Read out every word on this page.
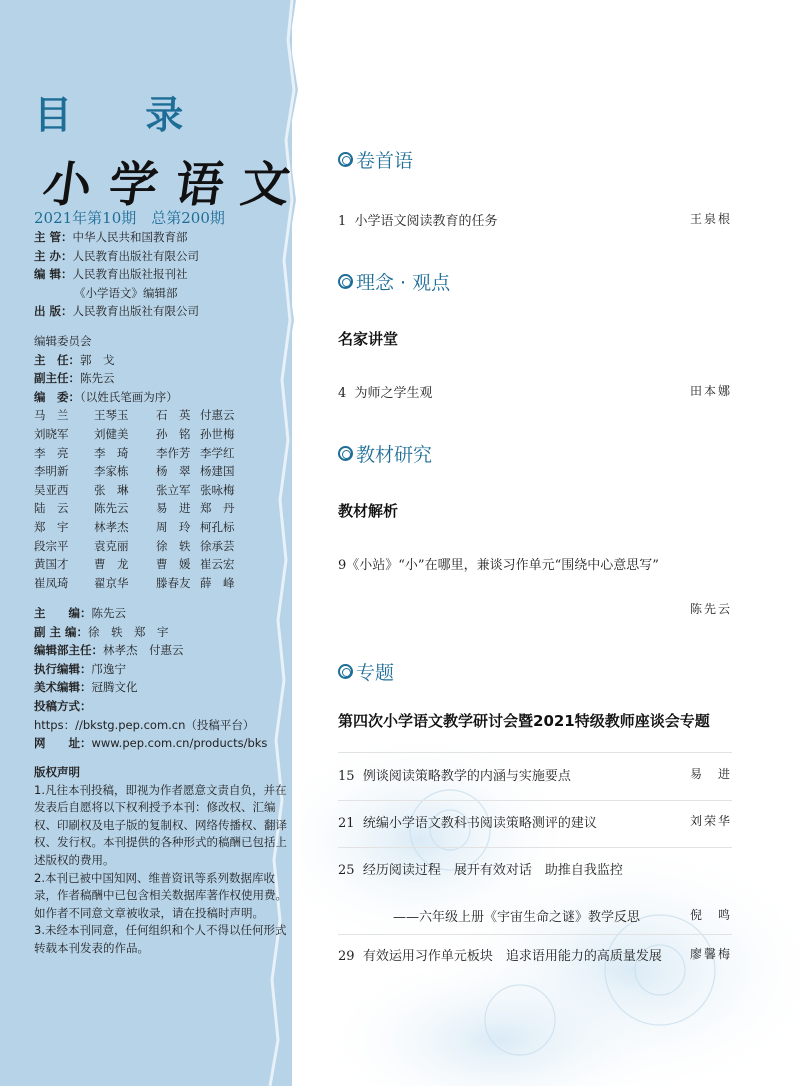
目 录
小学语文
2021年第10期　总第200期
主 管：中华人民共和国教育部
主 办：人民教育出版社有限公司
编 辑：人民教育出版社报刊社
《小学语文》编辑部
出 版：人民教育出版社有限公司
编辑委员会
主　任：郭　戈
副主任：陈先云
编　委：（以姓氏笔画为序）
马　兰	王琴玉	石　英 付惠云
刘晓军	刘健美	孙　铭 孙世梅
李　亮	李　琦	李作芳 李学红
李明新	李家栋	杨　翠 杨建国
吴亚西	张　琳	张立军 张咏梅
陆　云	陈先云	易　进 郑　丹
郑　宇	林孝杰	周　玲 柯孔标
段宗平	袁克丽	徐　轶 徐承芸
黄国才	曹　龙	曹　媛 崔云宏
崔凤琦	翟京华	滕春友 薛　峰
主　　编：陈先云
副 主 编：徐　轶　郑　宇
编辑部主任：林孝杰　付惠云
执行编辑：邝逸宁
美术编辑：冠腾文化
投稿方式：
https：//bkstg.pep.com.cn（投稿平台）
网　　址：www.pep.com.cn/products/bks
版权声明
1.凡往本刊投稿，即视为作者愿意文责自负，并在发表后自愿将以下权利授予本刊：修改权、汇编权、印刷权及电子版的复制权、网络传播权、翻译权、发行权。本刊提供的各种形式的稿酬已包括上述版权的费用。
2.本刊已被中国知网、维普资讯等系列数据库收录，作者稿酬中已包含相关数据库著作权使用费。如作者不同意文章被收录，请在投稿时声明。
3.未经本刊同意，任何组织和个人不得以任何形式转载本刊发表的作品。
卷首语
1 小学语文阅读教育的任务	王泉根
理念 · 观点
名家讲堂
4 为师之学生观	田本娜
教材研究
教材解析
9《小站》“小”在哪里，兼谈习作单元“围绕中心意思写”
陈先云
专题
第四次小学语文教学研讨会暨2021特级教师座谈会专题
15 例谈阅读策略教学的内涵与实施要点	易　进
21 统编小学语文教科书阅读策略测评的建议	刘荣华
25 经历阅读过程　展开有效对话　助推自我监控
——六年级上册《宇宙生命之谜》教学反思	倪　鸣
29 有效运用习作单元板块　追求语用能力的高质量发展 廖馨梅
